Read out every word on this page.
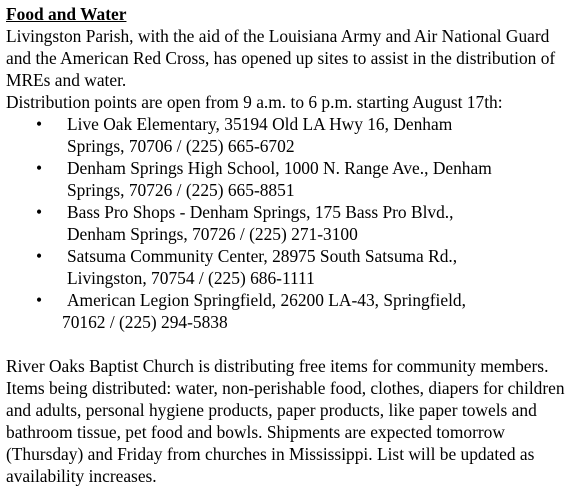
Food and Water

Livingston Parish, with the aid of the Louisiana Army and Air National Guard and the American Red Cross, has opened up sites to assist in the distribution of MREs and water.

Distribution points are open from 9 a.m. to 6 p.m. starting August 17th:

• Live Oak Elementary, 35194 Old LA Hwy 16, Denham
Springs, 70706 / (225) 665-6702
• Denham Springs High School, 1000 N. Range Ave., Denham
Springs, 70726 / (225) 665-8851
• Bass Pro Shops - Denham Springs, 175 Bass Pro Blvd.,
Denham Springs, 70726 / (225) 271-3100
• Satsuma Community Center, 28975 South Satsuma Rd.,
Livingston, 70754 / (225) 686-1111
• American Legion Springfield, 26200 LA-43, Springfield,
70162 / (225) 294-5838

River Oaks Baptist Church is distributing free items for community members. Items being distributed: water, non-perishable food, clothes, diapers for children and adults, personal hygiene products, paper products, like paper towels and bathroom tissue, pet food and bowls. Shipments are expected tomorrow (Thursday) and Friday from churches in Mississippi. List will be updated as availability increases.
